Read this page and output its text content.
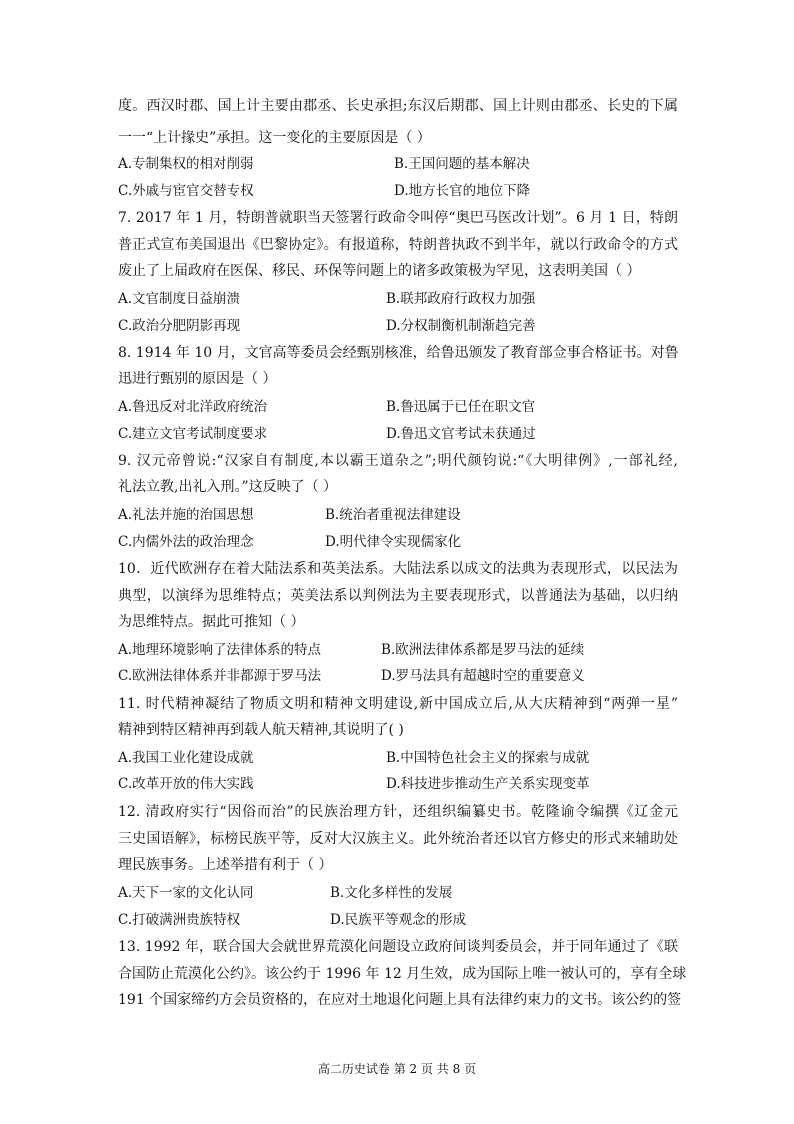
度。西汉时郡、国上计主要由郡丞、长史承担;东汉后期郡、国上计则由郡丞、长史的下属
一一“上计掾史”承担。这一变化的主要原因是（ ）
A.专制集权的相对削弱	B.王国问题的基本解决
C.外戚与宦官交替专权	D.地方长官的地位下降
7. 2017 年 1 月，特朗普就职当天签署行政命令叫停“奥巴马医改计划”。6 月 1 日，特朗
普正式宣布美国退出《巴黎协定》。有报道称，特朗普执政不到半年，就以行政命令的方式
废止了上届政府在医保、移民、环保等问题上的诸多政策极为罕见，这表明美国（ ）
A.文官制度日益崩溃	B.联邦政府行政权力加强
C.政治分肥阴影再现	D.分权制衡机制渐趋完善
8. 1914 年 10 月，文官高等委员会经甄别核准，给鲁迅颁发了教育部佥事合格证书。对鲁
迅进行甄别的原因是（ ）
A.鲁迅反对北洋政府统治	B.鲁迅属于已任在职文官
C.建立文官考试制度要求	D.鲁迅文官考试未获通过
9. 汉元帝曾说:“汉家自有制度,本以霸王道杂之”;明代颜钧说:“《大明律例》,一部礼经,
礼法立教,出礼入刑。”这反映了（ ）
A.礼法并施的治国思想	B.统治者重视法律建设
C.内儒外法的政治理念	D.明代律令实现儒家化
10．近代欧洲存在着大陆法系和英美法系。大陆法系以成文的法典为表现形式，以民法为
典型，以演绎为思维特点；英美法系以判例法为主要表现形式，以普通法为基础，以归纳
为思维特点。据此可推知（ ）
A.地理环境影响了法律体系的特点	B.欧洲法律体系都是罗马法的延续
C.欧洲法律体系并非都源于罗马法	D.罗马法具有超越时空的重要意义
11. 时代精神凝结了物质文明和精神文明建设,新中国成立后,从大庆精神到“两弹一星”
精神到特区精神再到载人航天精神,其说明了( )
A.我国工业化建设成就	B.中国特色社会主义的探索与成就
C.改革开放的伟大实践	D.科技进步推动生产关系实现变革
12. 清政府实行“因俗而治”的民族治理方针，还组织编纂史书。乾隆谕令编撰《辽金元
三史国语解》，标榜民族平等，反对大汉族主义。此外统治者还以官方修史的形式来辅助处
理民族事务。上述举措有利于（ ）
A.天下一家的文化认同	B.文化多样性的发展
C.打破满洲贵族特权	D.民族平等观念的形成
13. 1992 年，联合国大会就世界荒漠化问题设立政府间谈判委员会，并于同年通过了《联
合国防止荒漠化公约》。该公约于 1996 年 12 月生效，成为国际上唯一被认可的，享有全球
191 个国家缔约方会员资格的，在应对土地退化问题上具有法律约束力的文书。该公约的签
高二历史试卷 第 2 页 共 8 页
